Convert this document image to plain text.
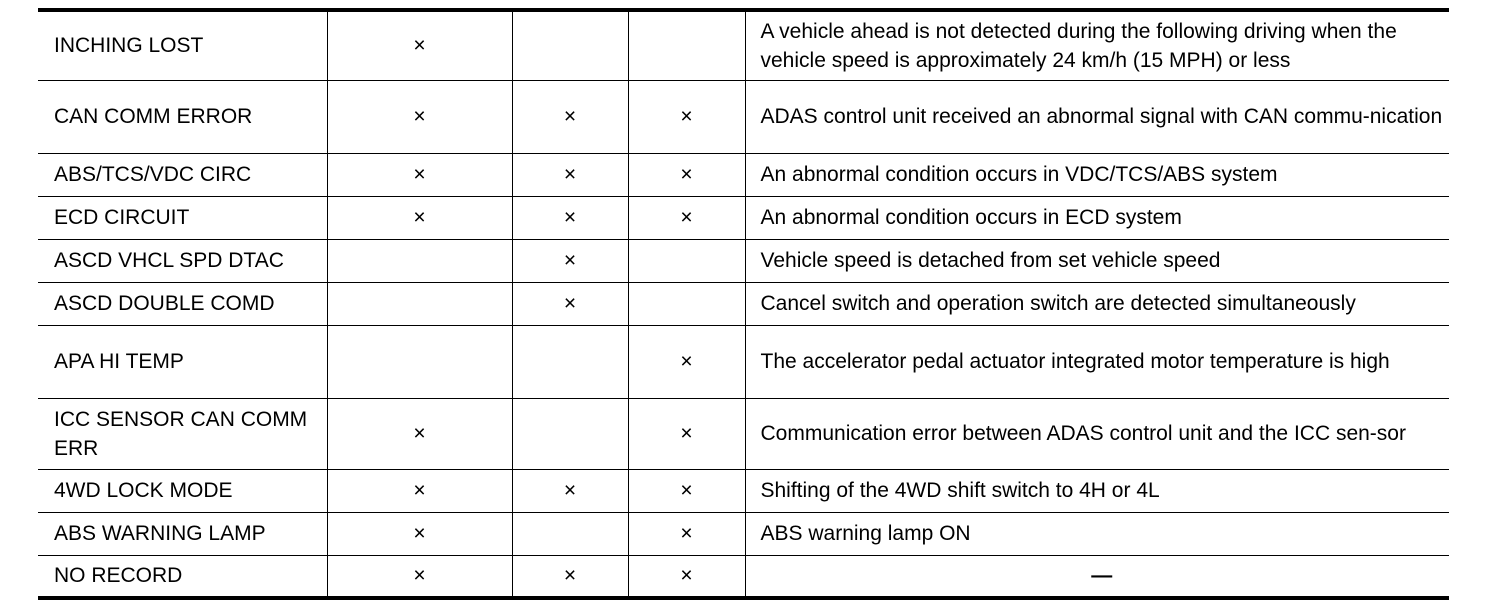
INCHING LOST	×			A vehicle ahead is not detected during the following driving when the vehicle speed is approximately 24 km/h (15 MPH) or less
CAN COMM ERROR	×	×	×	ADAS control unit received an abnormal signal with CAN commu-nication
ABS/TCS/VDC CIRC	×	×	×	An abnormal condition occurs in VDC/TCS/ABS system
ECD CIRCUIT	×	×	×	An abnormal condition occurs in ECD system
ASCD VHCL SPD DTAC		×		Vehicle speed is detached from set vehicle speed
ASCD DOUBLE COMD		×		Cancel switch and operation switch are detected simultaneously
APA HI TEMP			×	The accelerator pedal actuator integrated motor temperature is high
ICC SENSOR CAN COMM ERR	×		×	Communication error between ADAS control unit and the ICC sen-sor
4WD LOCK MODE	×	×	×	Shifting of the 4WD shift switch to 4H or 4L
ABS WARNING LAMP	×		×	ABS warning lamp ON
NO RECORD	×	×	×	—
